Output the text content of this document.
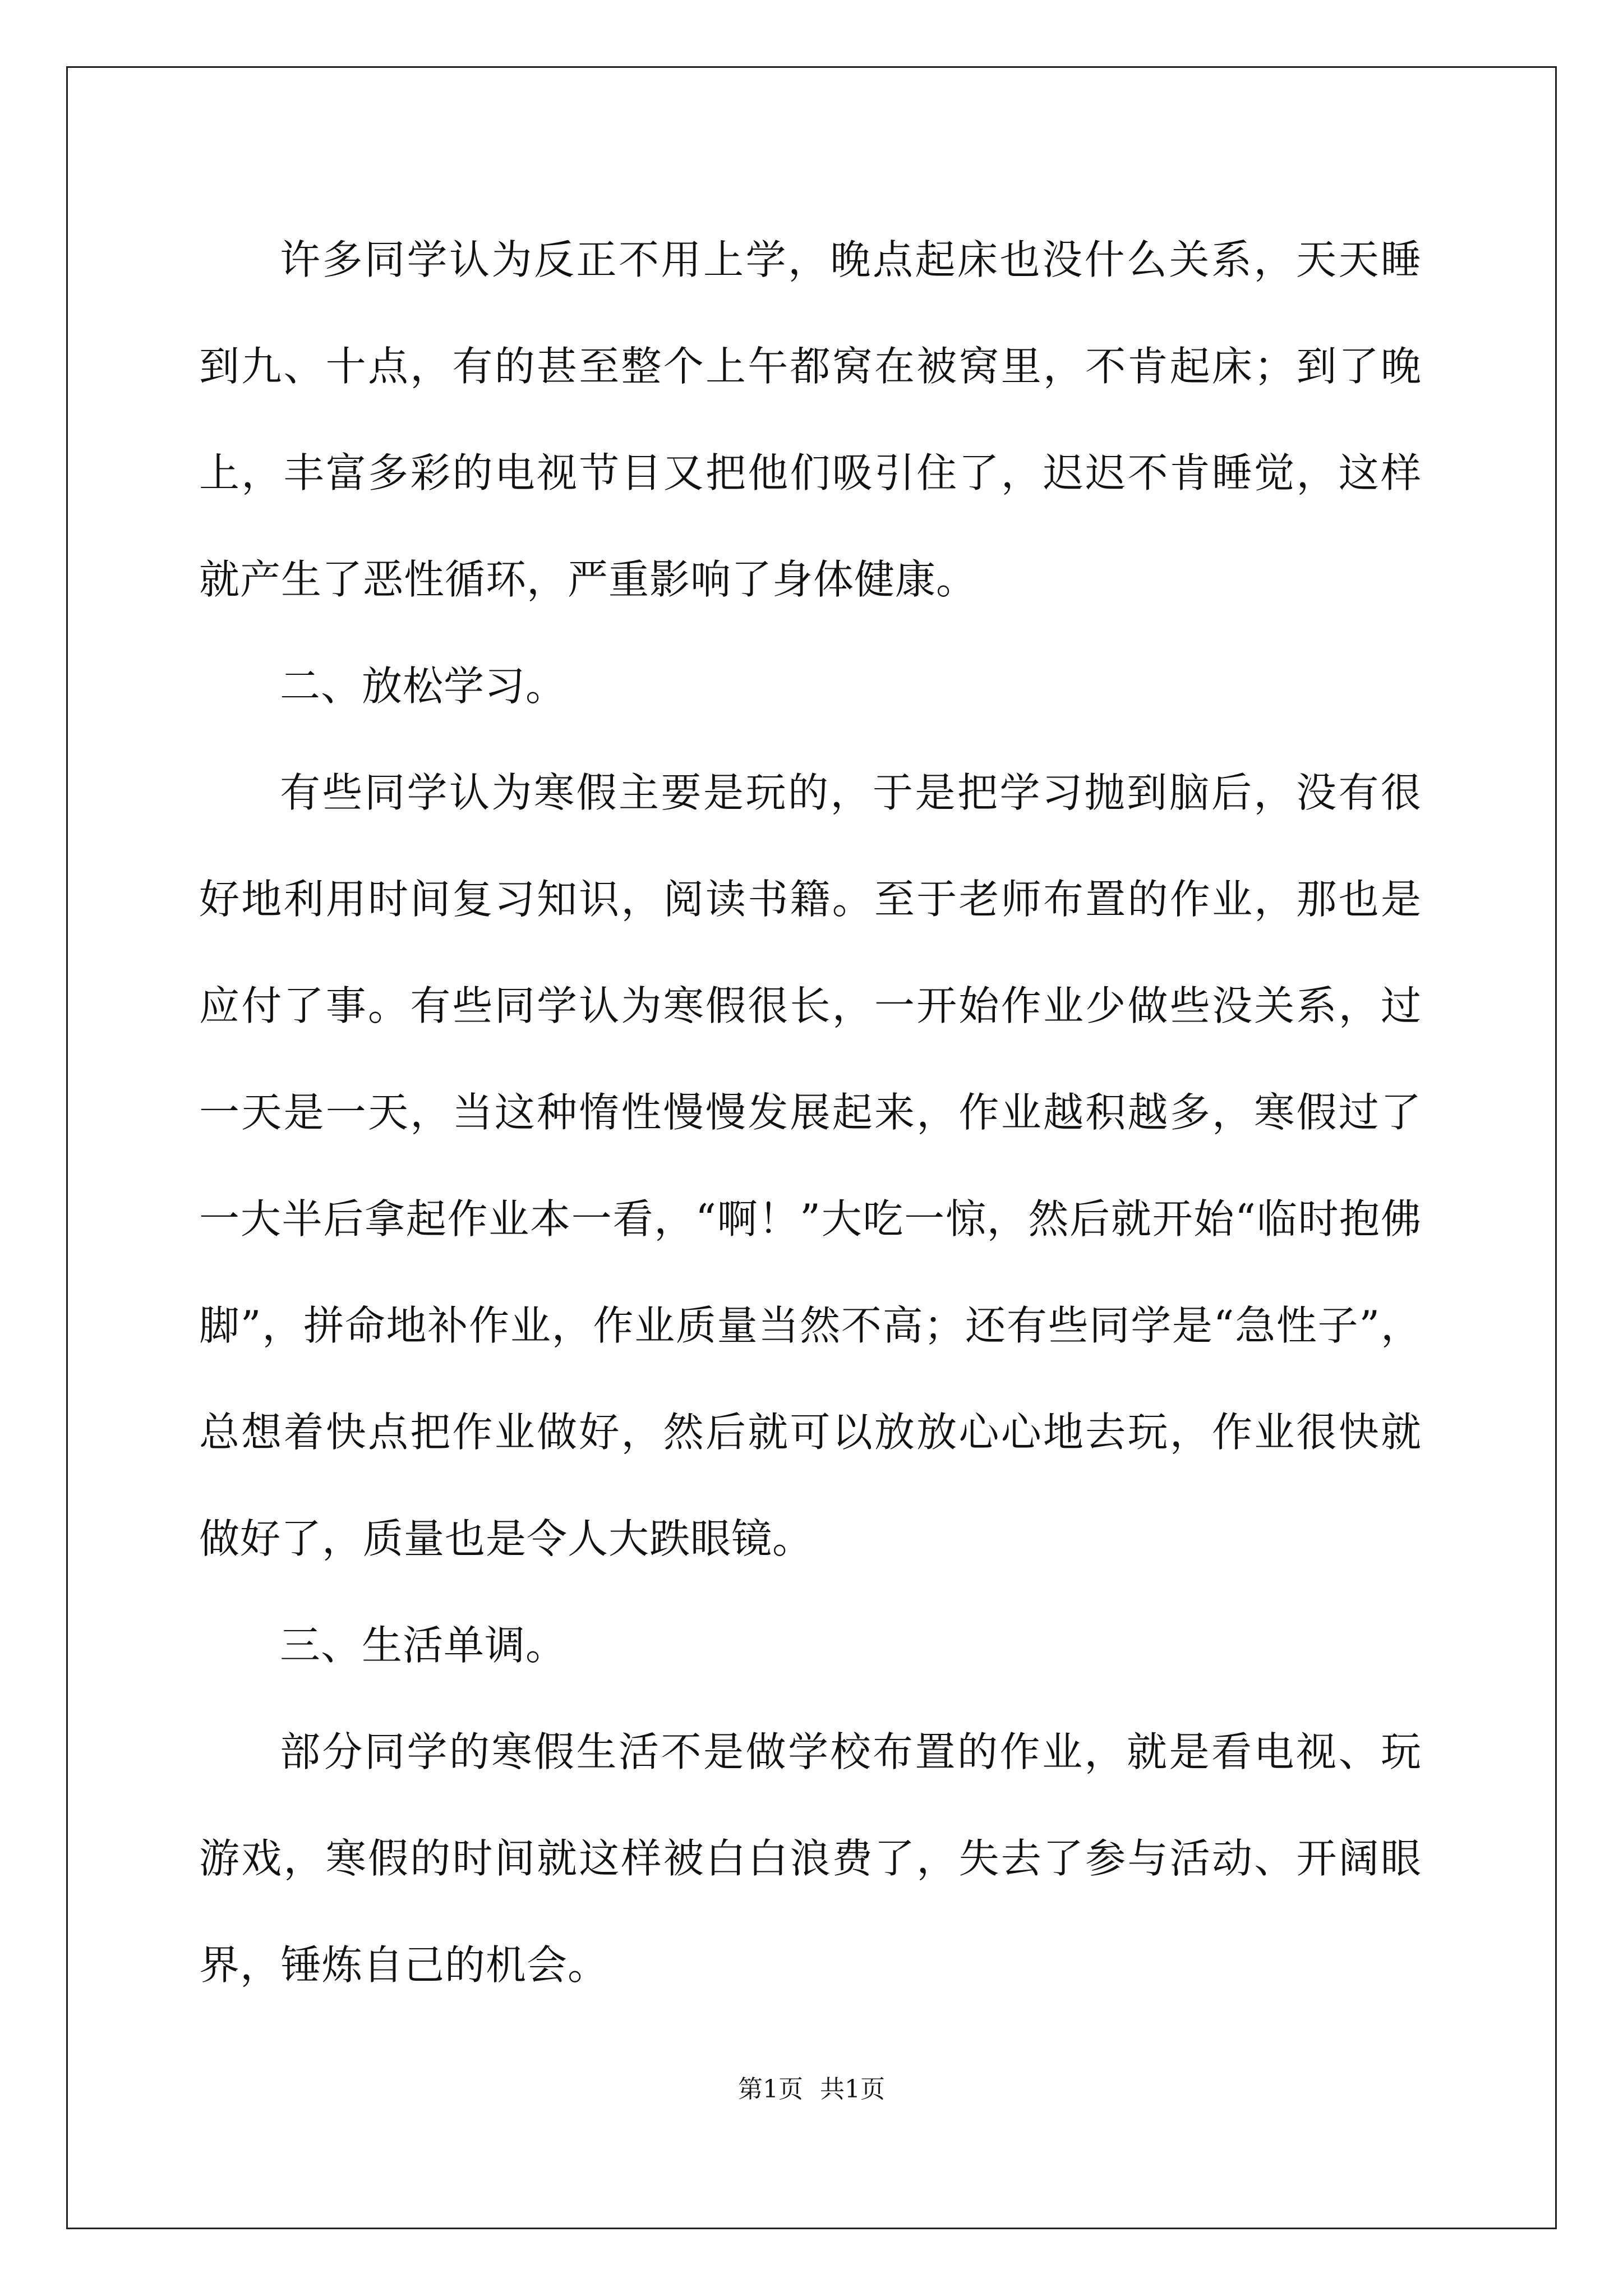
许多同学认为反正不用上学，晚点起床也没什么关系，天天睡到九、十点，有的甚至整个上午都窝在被窝里，不肯起床；到了晚上，丰富多彩的电视节目又把他们吸引住了，迟迟不肯睡觉，这样就产生了恶性循环，严重影响了身体健康。

二、放松学习。

有些同学认为寒假主要是玩的，于是把学习抛到脑后，没有很好地利用时间复习知识，阅读书籍。至于老师布置的作业，那也是应付了事。有些同学认为寒假很长，一开始作业少做些没关系，过一天是一天，当这种惰性慢慢发展起来，作业越积越多，寒假过了一大半后拿起作业本一看，“啊！”大吃一惊，然后就开始“临时抱佛脚”，拼命地补作业，作业质量当然不高；还有些同学是“急性子”，总想着快点把作业做好，然后就可以放放心心地去玩，作业很快就做好了，质量也是令人大跌眼镜。

三、生活单调。

部分同学的寒假生活不是做学校布置的作业，就是看电视、玩游戏，寒假的时间就这样被白白浪费了，失去了参与活动、开阔眼界，锤炼自己的机会。

第1页 共1页
